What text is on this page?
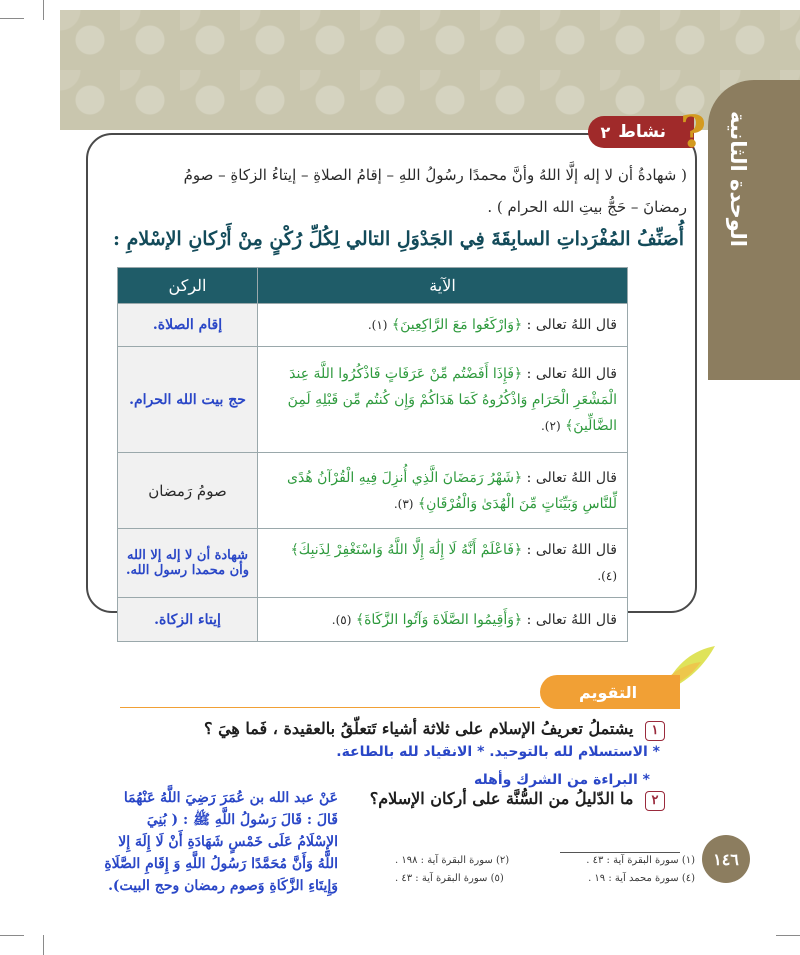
الوحدة الثانية
?
نشاط
٢
( شهادةُ أن لا إله إلَّا اللهُ وأنَّ محمدًا رسُولُ اللهِ – إقامُ الصلاةِ – إيتاءُ الزكاةِ – صومُ
رمضانَ – حَجُّ بيتِ الله الحرام ) .
أُصَنِّفُ المُفْرَداتِ السابِقَةَ فِي الجَدْوَلِ التالي لِكُلِّ رُكْنٍ مِنْ أَرْكانِ الإسْلامِ :
الآية	الركن
قال اللهُ تعالى : ﴿وَارْكَعُوا مَعَ الرَّاكِعِينَ﴾ (١).	إقام الصلاة.
قال اللهُ تعالى : ﴿فَإِذَا أَفَضْتُم مِّنْ عَرَفَاتٍ فَاذْكُرُوا اللَّهَ عِندَ الْمَشْعَرِ الْحَرَامِ وَاذْكُرُوهُ كَمَا هَدَاكُمْ وَإِن كُنتُم مِّن قَبْلِهِ لَمِنَ الضَّالِّينَ﴾ (٢).	حج بيت الله الحرام.
قال اللهُ تعالى : ﴿شَهْرُ رَمَضَانَ الَّذِي أُنزِلَ فِيهِ الْقُرْآنُ هُدًى لِّلنَّاسِ وَبَيِّنَاتٍ مِّنَ الْهُدَىٰ وَالْفُرْقَانِ﴾ (٣).	صومُ رَمضان
قال اللهُ تعالى : ﴿فَاعْلَمْ أَنَّهُ لَا إِلَٰهَ إِلَّا اللَّهُ وَاسْتَغْفِرْ لِذَنبِكَ﴾ (٤).	شهادة أن لا إله إلا الله وأن محمدا رسول الله.
قال اللهُ تعالى : ﴿وَأَقِيمُوا الصَّلَاةَ وَآتُوا الزَّكَاةَ﴾ (٥).	إيتاء الزكاة.
التقويم
١ يشتملُ تعريفُ الإسلام على ثلاثة أشياء تَتعلّقُ بالعقيدة ، فَما هِيَ ؟
* الاستسلام لله بالتوحيد. * الانقياد لله بالطاعة.
* البراءة من الشرك وأهله
٢ ما الدّليلُ من السُّنَّة على أركان الإسلام؟
عَنْ عبد الله بن عُمَرَ رَضِيَ اللَّهُ عَنْهُمَا قَالَ : قَالَ رَسُولُ اللَّهِ ﷺ : ( بُنِيَ الإِسْلَامُ عَلَى خَمْسٍ شَهَادَةِ أَنْ لَا إِلَهَ إِلا اللَّهُ وَأَنَّ مُحَمَّدًا رَسُولُ اللَّهِ وَ إِقَامِ الصَّلَاةِ وَإِيتَاءِ الزَّكَاةِ وَصوم رمضان وحج البيت).
(١) سورة البقرة آية : ٤٣ .
(٢) سورة البقرة آية : ١٩٨ .
(٤) سورة محمد آية : ١٩ .
(٥) سورة البقرة آية : ٤٣ .
١٤٦
